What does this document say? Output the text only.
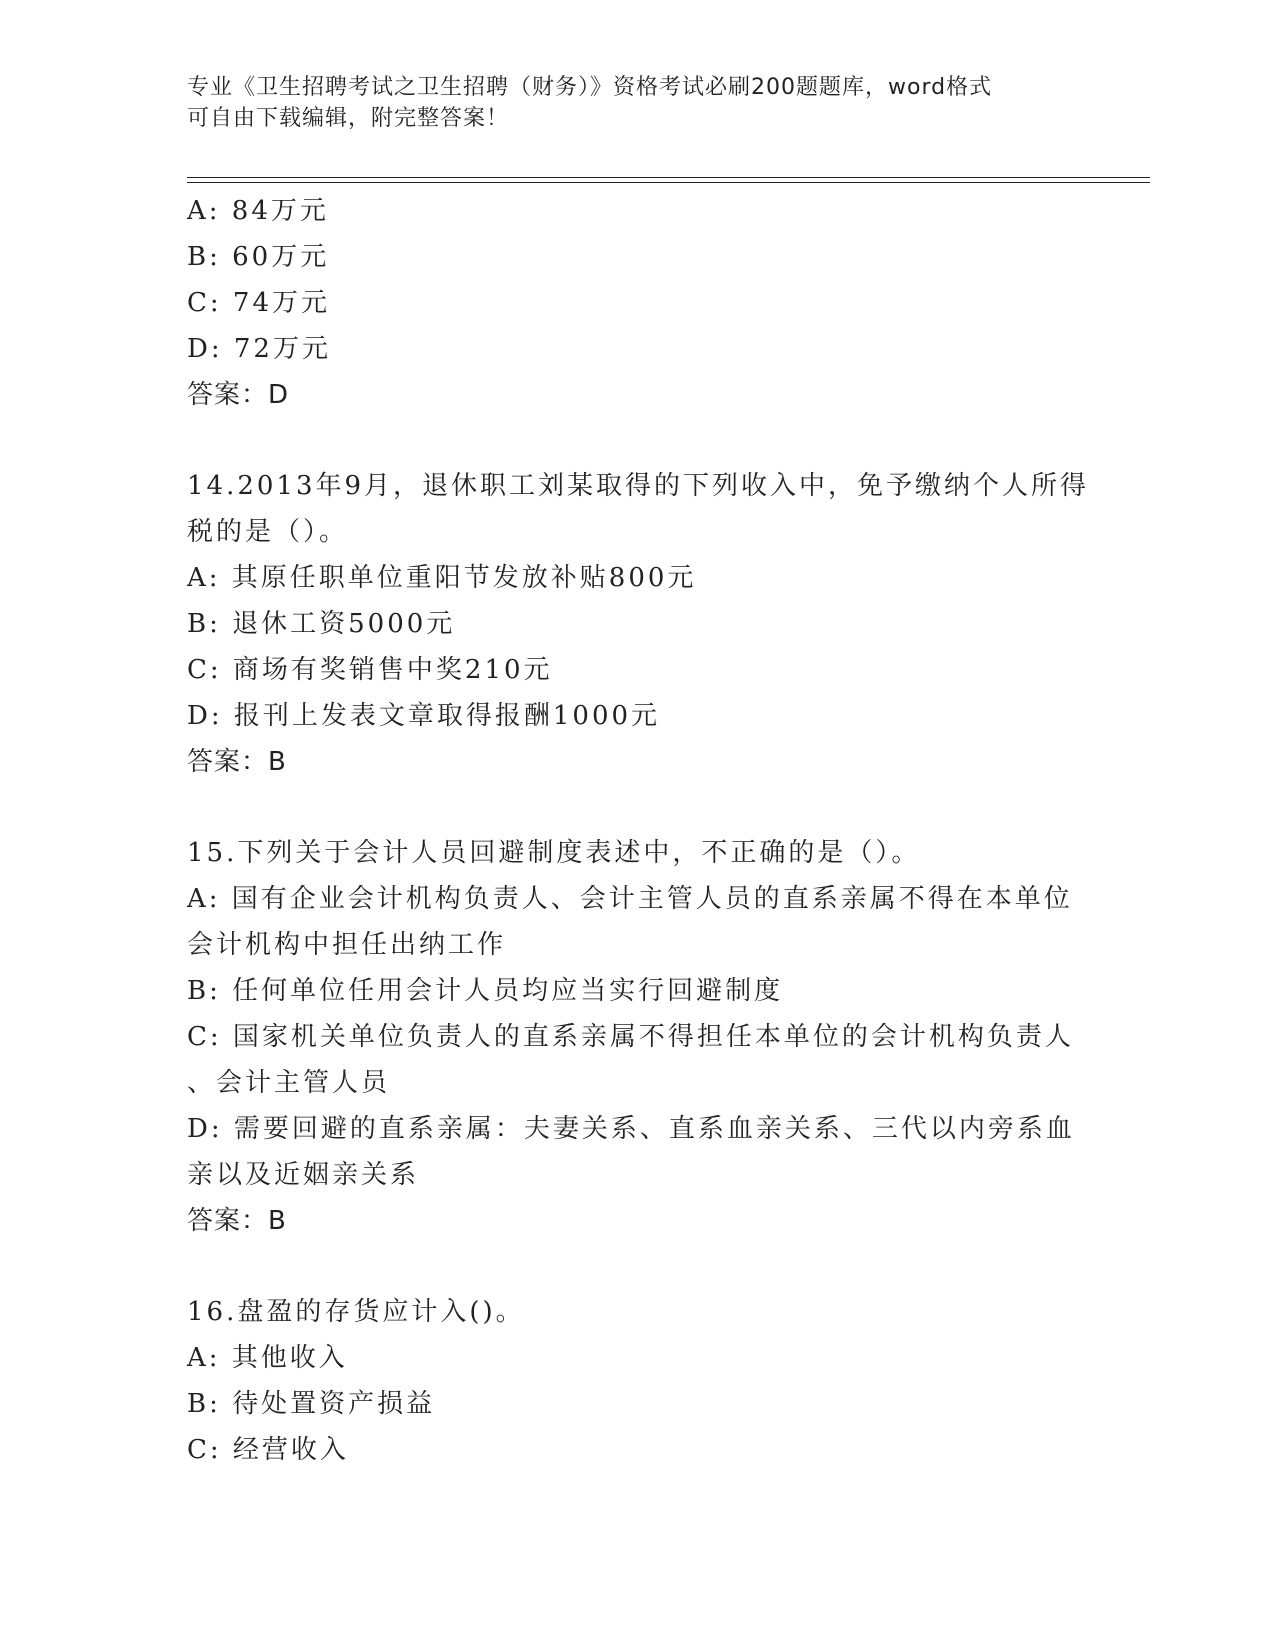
专业《卫生招聘考试之卫生招聘（财务）》资格考试必刷200题题库，word格式
可自由下载编辑，附完整答案！
A: 84万元
B: 60万元
C: 74万元
D: 72万元
答案：D
14.2013年9月，退休职工刘某取得的下列收入中，免予缴纳个人所得
税的是（）。
A: 其原任职单位重阳节发放补贴800元
B: 退休工资5000元
C: 商场有奖销售中奖210元
D: 报刊上发表文章取得报酬1000元
答案：B
15.下列关于会计人员回避制度表述中，不正确的是（）。
A: 国有企业会计机构负责人、会计主管人员的直系亲属不得在本单位
会计机构中担任出纳工作
B: 任何单位任用会计人员均应当实行回避制度
C: 国家机关单位负责人的直系亲属不得担任本单位的会计机构负责人
、会计主管人员
D: 需要回避的直系亲属：夫妻关系、直系血亲关系、三代以内旁系血
亲以及近姻亲关系
答案：B
16.盘盈的存货应计入()。
A: 其他收入
B: 待处置资产损益
C: 经营收入
